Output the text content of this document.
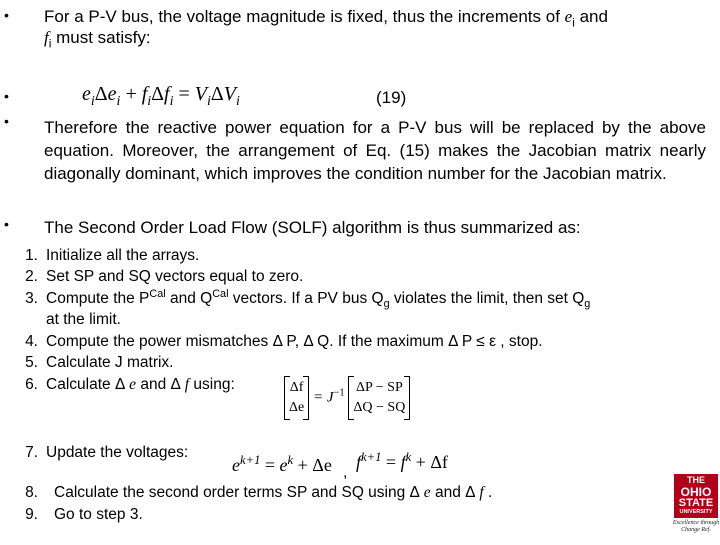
•
•
•
•
For a P-V bus, the voltage magnitude is fixed, thus the increments of $e_i$ and
$f_i$ must satisfy:
$e_i\Delta e_i + f_i\Delta f_i = V_i\Delta V_i$	(19)
Therefore the reactive power equation for a P-V bus will be replaced by the above equation. Moreover, the arrangement of Eq. (15) makes the Jacobian matrix nearly diagonally dominant, which improves the condition number for the Jacobian matrix.
The Second Order Load Flow (SOLF) algorithm is thus summarized as:
1. Initialize all the arrays.
2. Set SP and SQ vectors equal to zero.
3. Compute the $P^{Cal}$ and $Q^{Cal}$ vectors. If a PV bus $Q_g$ violates the limit, then set $Q_g$
at the limit.
4. Compute the power mismatches Δ P, Δ Q. If the maximum Δ P ≤ ε , stop.
5. Calculate J matrix.
6. Calculate Δ e and Δ f using:
7. Update the voltages:
8. Calculate the second order terms SP and SQ using Δ e and Δ f .
9. Go to step 3.
Δf
Δe
= $J^{-1}$ ΔP − SP
ΔQ − SQ
$e^{k+1} = e^k + \Delta e$ ,
$f^{k+1} = f^k + \Delta f$
THE
OHIO
STATE
UNIVERSITY
Excellence through Change Ref.
